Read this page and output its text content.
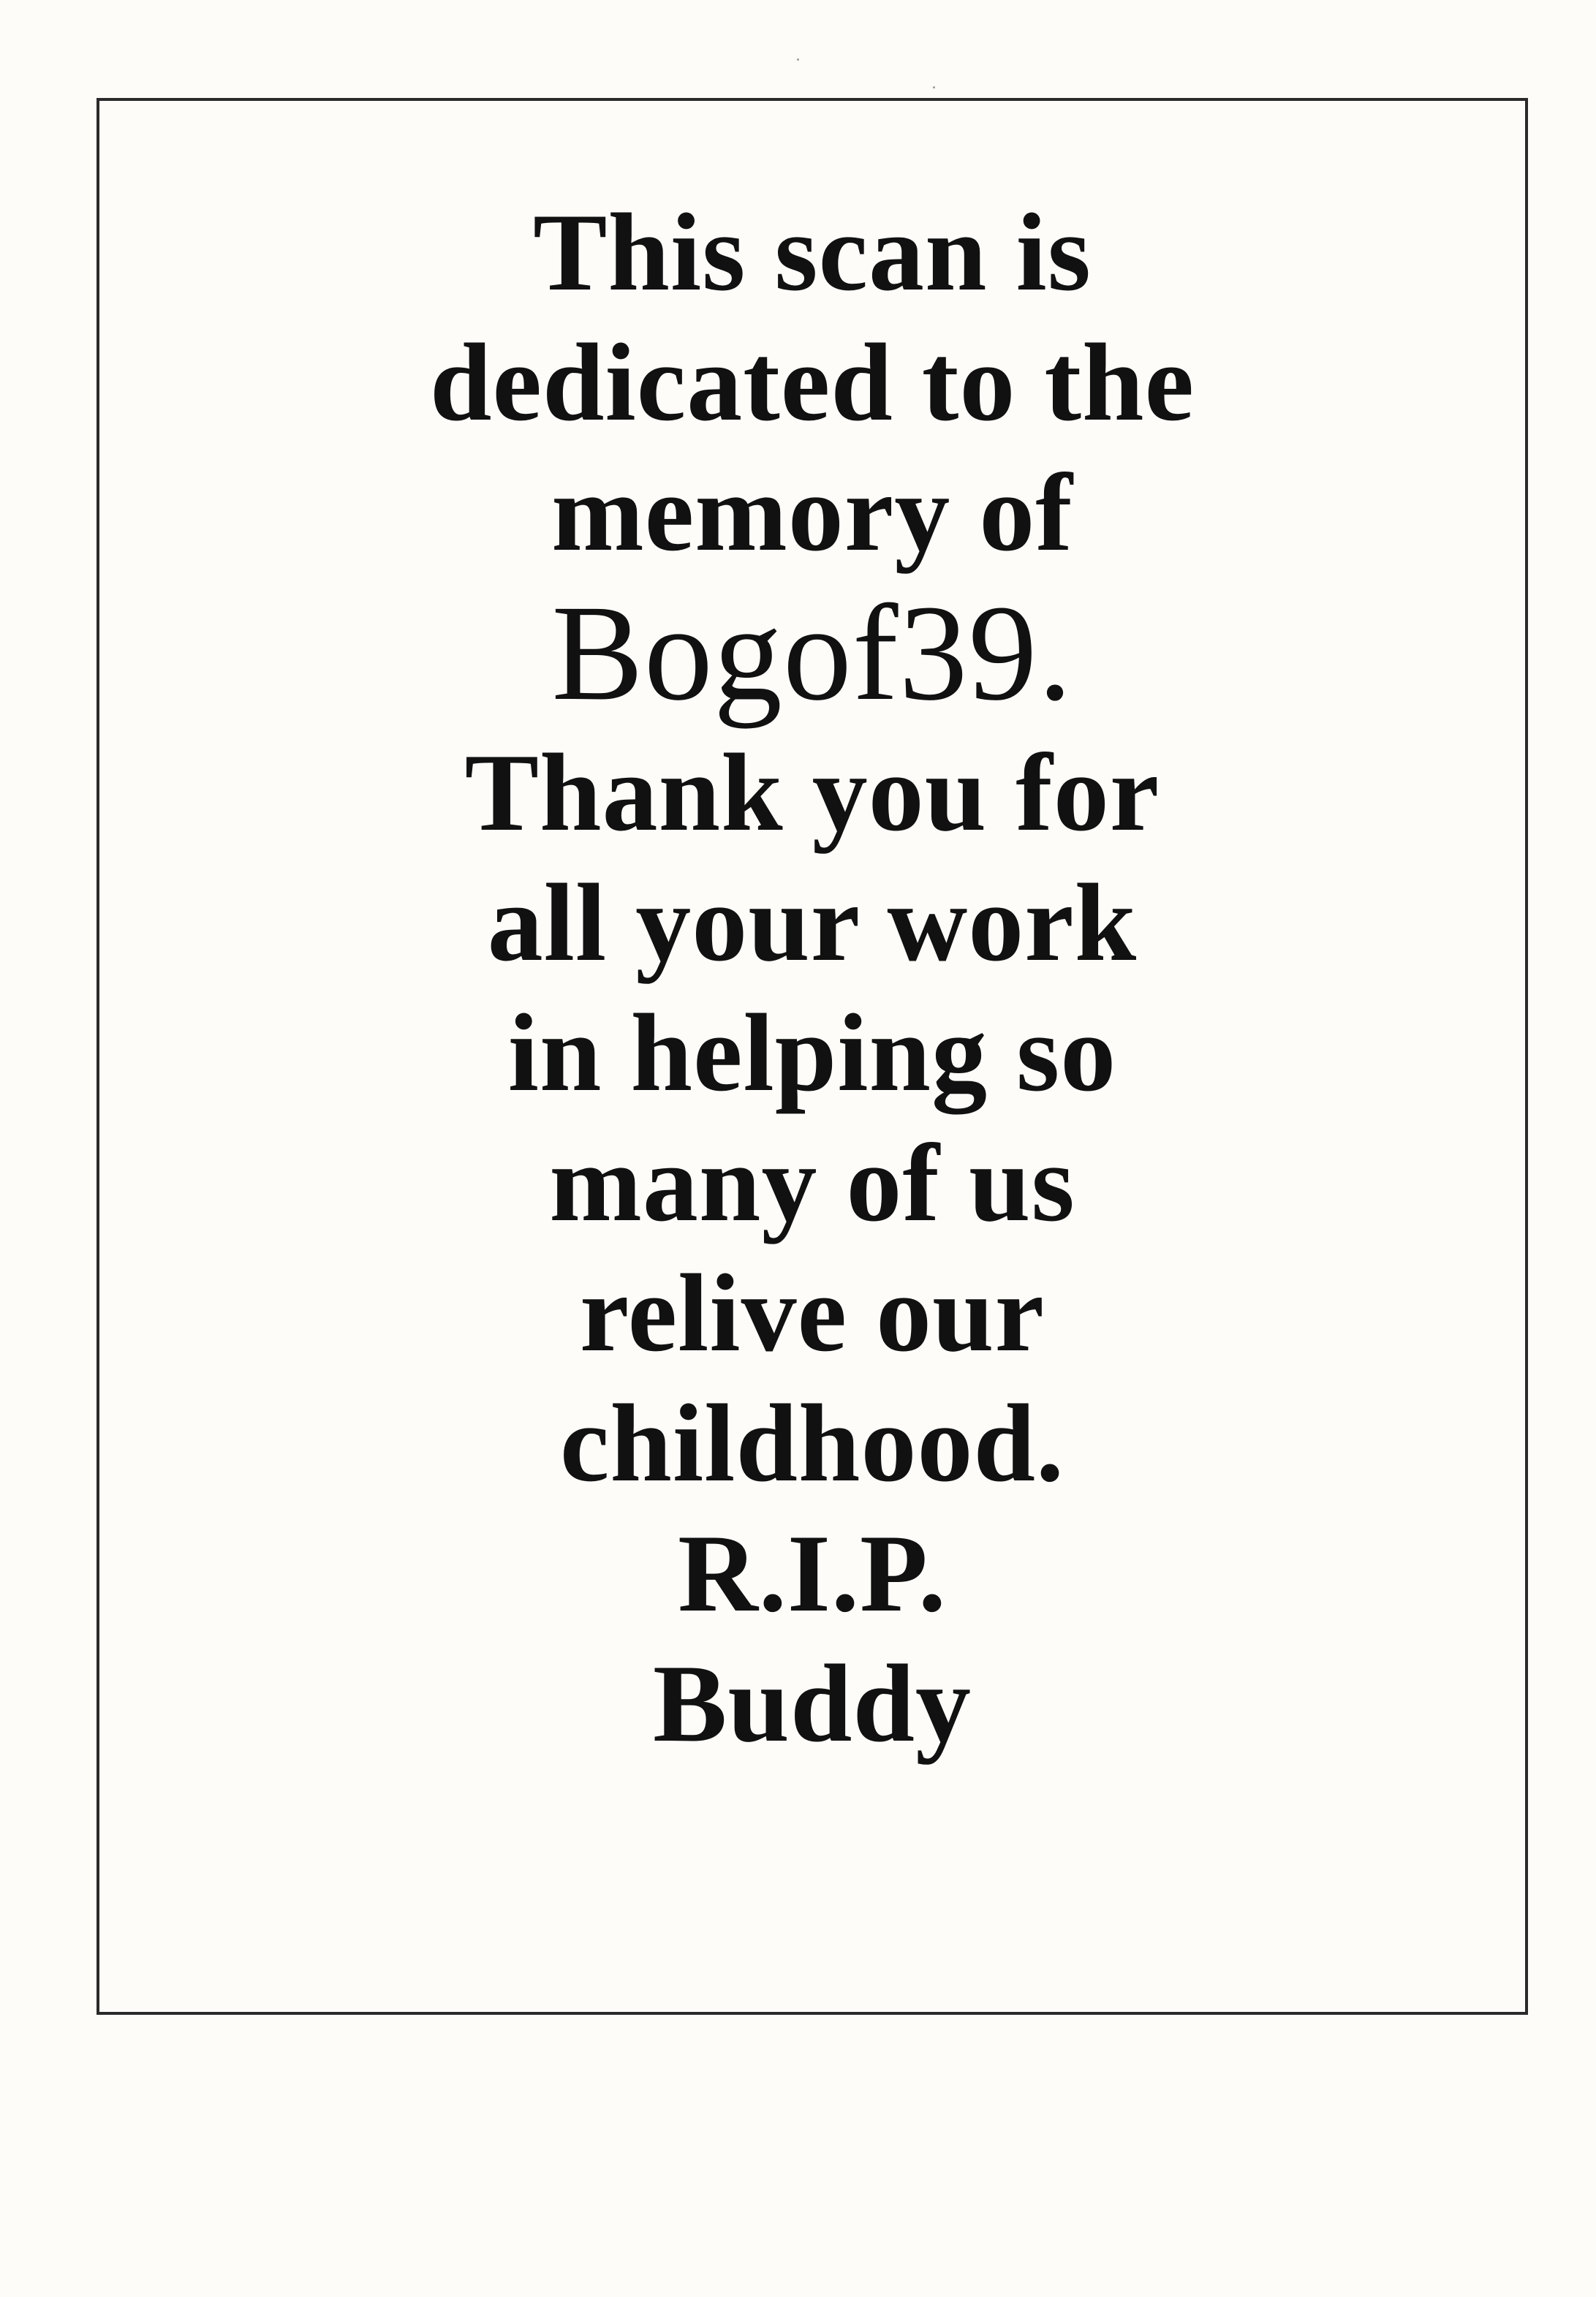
This scan is
dedicated to the
memory of
Bogof39.
Thank you for
all your work
in helping so
many of us
relive our
childhood.
R.I.P.
Buddy
